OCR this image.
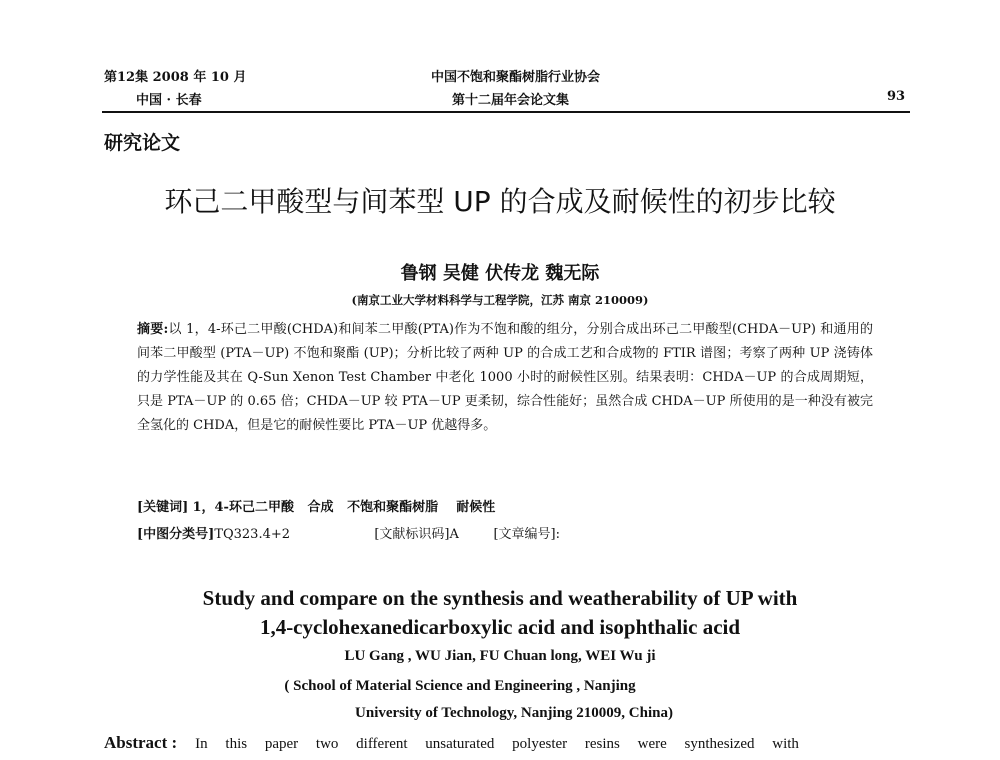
第12集 2008 年 10 月
中国 · 长春
中国不饱和聚酯树脂行业协会
第十二届年会论文集	93
研究论文
环己二甲酸型与间苯型 UP 的合成及耐候性的初步比较
鲁钢 吴健 伏传龙 魏无际
(南京工业大学材料科学与工程学院，江苏 南京 210009)
摘要:以 1，4-环己二甲酸(CHDA)和间苯二甲酸(PTA)作为不饱和酸的组分，分别合成出环己二甲酸型(CHDA－UP) 和通用的间苯二甲酸型 (PTA－UP) 不饱和聚酯 (UP)；分析比较了两种 UP 的合成工艺和合成物的 FTIR 谱图；考察了两种 UP 浇铸体的力学性能及其在 Q-Sun Xenon Test Chamber 中老化 1000 小时的耐候性区别。结果表明：CHDA－UP 的合成周期短，只是 PTA－UP 的 0.65 倍；CHDA－UP 较 PTA－UP 更柔韧，综合性能好；虽然合成 CHDA－UP 所使用的是一种没有被完全氢化的 CHDA，但是它的耐候性要比 PTA－UP 优越得多。
[关键词] 1，4-环己二甲酸   合成   不饱和聚酯树脂    耐候性
[中图分类号]TQ323.4+2	[文献标识码]A	[文章编号]:
Study and compare on the synthesis and weatherability of UP with
1,4-cyclohexanedicarboxylic acid and isophthalic acid
LU Gang , WU Jian, FU Chuan long, WEI Wu ji
( School of Material Science and Engineering , Nanjing
University of Technology, Nanjing 210009, China)
Abstract : In this paper two different unsaturated polyester resins were synthesized with
